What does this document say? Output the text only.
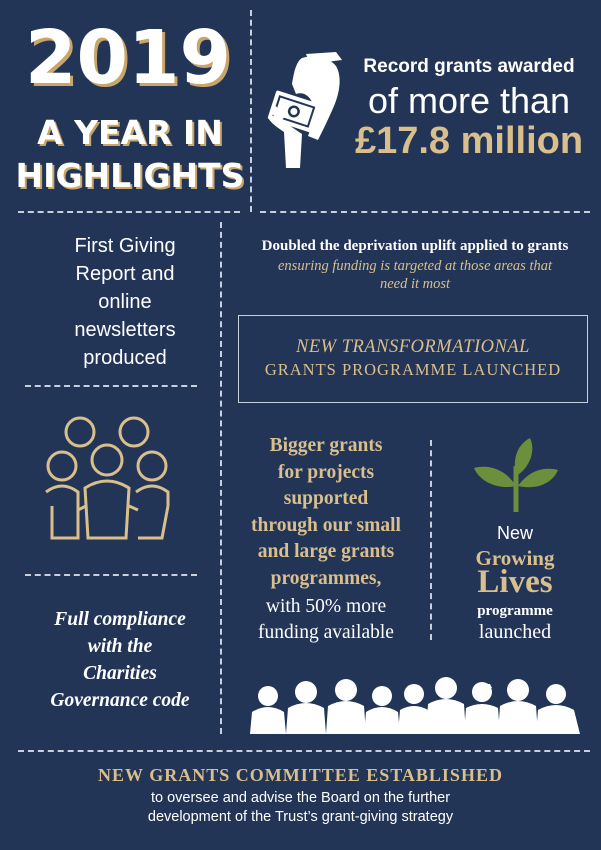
2019
A YEAR IN
HIGHLIGHTS
Record grants awarded
of more than
£17.8 million
First Giving
Report and
online
newsletters
produced
Doubled the deprivation uplift applied to grants
ensuring funding is targeted at those areas that
need it most
NEW TRANSFORMATIONAL
GRANTS PROGRAMME LAUNCHED
Bigger grants
for projects
supported
through our small
and large grants
programmes,
with 50% more
funding available
New
Growing
Lives
programme
launched
Full compliance
with the
Charities
Governance code
NEW GRANTS COMMITTEE ESTABLISHED
to oversee and advise the Board on the further
development of the Trust’s grant-giving strategy
